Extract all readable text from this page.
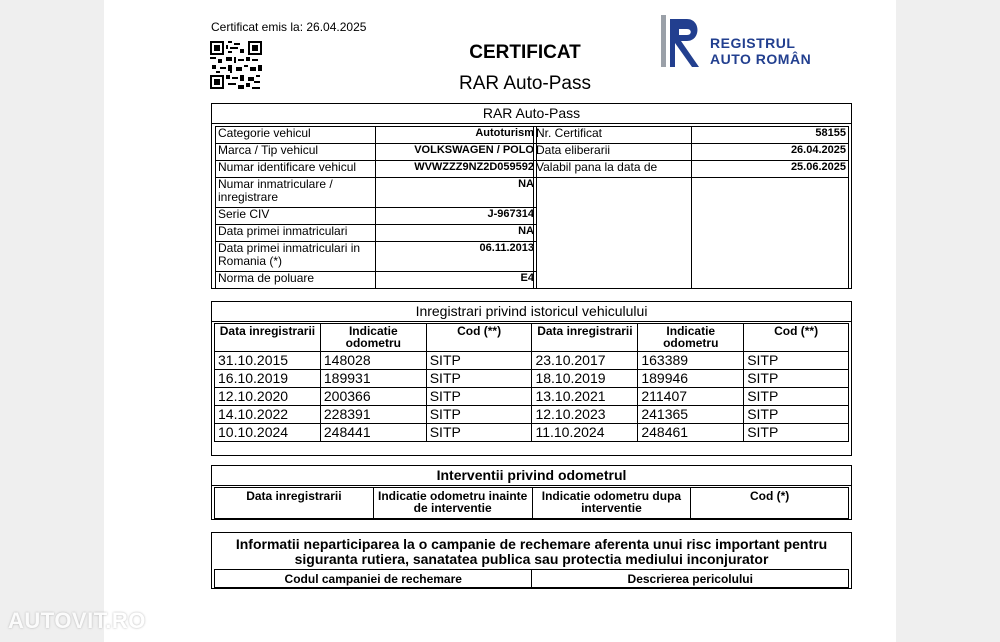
Certificat emis la: 26.04.2025
CERTIFICAT
RAR Auto-Pass
REGISTRUL
AUTO ROMÂN
RAR Auto-Pass
Categorie vehicul	Autoturism
Marca / Tip vehicul	VOLKSWAGEN / POLO
Numar identificare vehicul	WVWZZZ9NZ2D059592
Numar inmatriculare / inregistrare	NA
Serie CIV	J-967314
Data primei inmatriculari	NA
Data primei inmatriculari in Romania (*)	06.11.2013
Norma de poluare	E4
Nr. Certificat	58155
Data eliberarii	26.04.2025
Valabil pana la data de	25.06.2025

Inregistrari privind istoricul vehiculului
Data inregistrarii	Indicatie odometru	Cod (**)	Data inregistrarii	Indicatie odometru	Cod (**)
31.10.2015	148028	SITP	23.10.2017	163389	SITP
16.10.2019	189931	SITP	18.10.2019	189946	SITP
12.10.2020	200366	SITP	13.10.2021	211407	SITP
14.10.2022	228391	SITP	12.10.2023	241365	SITP
10.10.2024	248441	SITP	11.10.2024	248461	SITP
Interventii privind odometrul
Data inregistrarii	Indicatie odometru inainte de interventie	Indicatie odometru dupa interventie	Cod (*)
Informatii neparticiparea la o campanie de rechemare aferenta unui risc important pentru siguranta rutiera, sanatatea publica sau protectia mediului inconjurator
Codul campaniei de rechemare	Descrierea pericolului
AUTOVIT.RO
